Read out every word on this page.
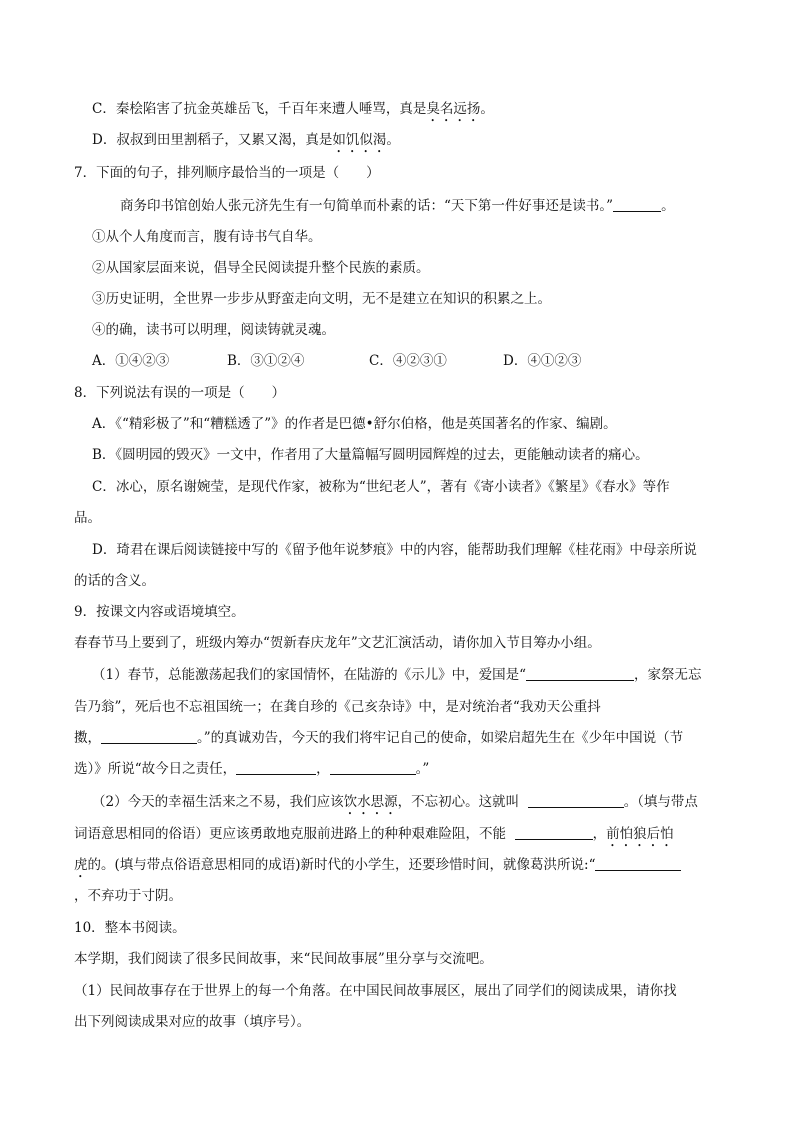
C．秦桧陷害了抗金英雄岳飞，千百年来遭人唾骂，真是臭名远扬。
D．叔叔到田里割稻子，又累又渴，真是如饥似渴。
7．下面的句子，排列顺序最恰当的一项是（　　）
商务印书馆创始人张元济先生有一句简单而朴素的话：“天下第一件好事还是读书。”	。
①从个人角度而言，腹有诗书气自华。
②从国家层面来说，倡导全民阅读提升整个民族的素质。
③历史证明，全世界一步步从野蛮走向文明，无不是建立在知识的积累之上。
④的确，读书可以明理，阅读铸就灵魂。
A．①④②③	B．③①②④	C．④②③①	D．④①②③
8．下列说法有误的一项是（　　）
A．《“精彩极了”和“糟糕透了”》的作者是巴德•舒尔伯格，他是英国著名的作家、编剧。
B．《圆明园的毁灭》一文中，作者用了大量篇幅写圆明园辉煌的过去，更能触动读者的痛心。
C．冰心，原名谢婉莹，是现代作家，被称为“世纪老人”，著有《寄小读者》《繁星》《春水》等作
品。
D．琦君在课后阅读链接中写的《留予他年说梦痕》中的内容，能帮助我们理解《桂花雨》中母亲所说
的话的含义。
9．按课文内容或语境填空。
春春节马上要到了，班级内筹办“贺新春庆龙年”文艺汇演活动，请你加入节目筹办小组。
（1）春节，总能激荡起我们的家国情怀，在陆游的《示儿》中，爱国是“	，家祭无忘
告乃翁”，死后也不忘祖国统一；在龚自珍的《己亥杂诗》中，是对统治者“我劝天公重抖
擞，	。”的真诚劝告，今天的我们将牢记自己的使命，如梁启超先生在《少年中国说（节
选）》所说“故今日之责任，	，	。”
（2）今天的幸福生活来之不易，我们应该饮水思源，不忘初心。这就叫	。（填与带点
词语意思相同的俗语）更应该勇敢地克服前进路上的种种艰难险阻，不能	，前怕狼后怕
虎的。(填与带点俗语意思相同的成语)新时代的小学生，还要珍惜时间，就像葛洪所说:“
，不弃功于寸阴。
10．整本书阅读。
本学期，我们阅读了很多民间故事，来“民间故事展”里分享与交流吧。
（1）民间故事存在于世界上的每一个角落。在中国民间故事展区，展出了同学们的阅读成果，请你找
出下列阅读成果对应的故事（填序号）。
